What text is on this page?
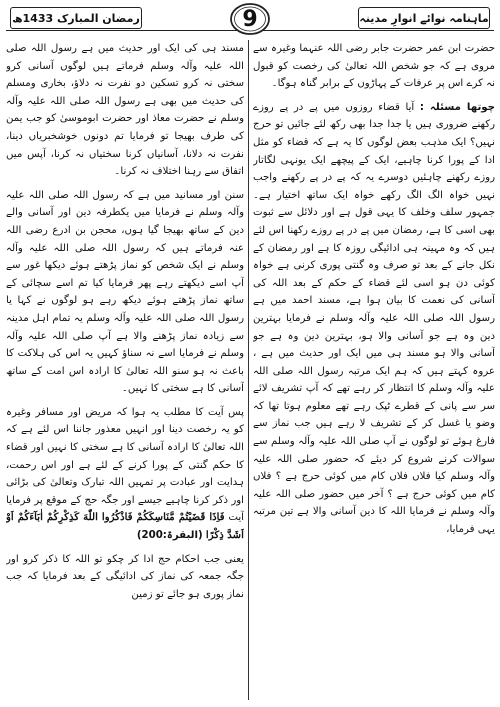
ماہنامہ نوائے انوارِ مدینہ
9
رمضان المبارک 1433ھ

حضرت ابن عمر حضرت جابر رضی اللہ عنہما وغیرہ سے مروی ہے کہ جو شخص اللہ تعالیٰ کی رخصت کو قبول نہ کرے اس پر عرفات کے پہاڑوں کے برابر گناہ ہوگا۔

چوتھا مسئلہ : آیا قضاء روزوں میں پے در پے روزے رکھنے ضروری ہیں یا جدا جدا بھی رکھ لئے جائیں تو حرج نہیں؟ ایک مذہب بعض لوگوں کا یہ ہے کہ قضاء کو مثل ادا کے پورا کرنا چاہیے، ایک کے پیچھے ایک یونہی لگاتار روزے رکھنے چاہئیں دوسرے یہ کہ پے در پے رکھنے واجب نہیں خواہ الگ الگ رکھے خواہ ایک ساتھ اختیار ہے۔ جمہور سلف وخلف کا یہی قول ہے اور دلائل سے ثبوت بھی اسی کا ہے، رمضان میں پے در پے روزے رکھنا اس لئے ہیں کہ وہ مہینہ ہی ادائیگی روزہ کا ہے اور رمضان کے نکل جانے کے بعد تو صرف وہ گنتی پوری کرنی ہے خواہ کوئی دن ہو اسی لئے قضاء کے حکم کے بعد اللہ کی آسانی کی نعمت کا بیان ہوا ہے، مسند احمد میں ہے رسول اللہ صلی اللہ علیہ وآلہ وسلم نے فرمایا بہترین دین وہ ہے جو آسانی والا ہو، بہترین دین وہ ہے جو آسانی والا ہو مسند ہی میں ایک اور حدیث میں ہے ، عروہ کہتے ہیں کہ ہم ایک مرتبہ رسول اللہ صلی اللہ علیہ وآلہ وسلم کا انتظار کر رہے تھے کہ آپ تشریف لائے سر سے پانی کے قطرے ٹپک رہے تھے معلوم ہوتا تھا کہ وضو یا غسل کر کے تشریف لا رہے ہیں جب نماز سے فارغ ہوئے تو لوگوں نے آپ صلی اللہ علیہ وآلہ وسلم سے سوالات کرنے شروع کر دیئے کہ حضور صلی اللہ علیہ وآلہ وسلم کیا فلاں فلاں کام میں کوئی حرج ہے ؟ فلاں کام میں کوئی حرج ہے ؟ آخر میں حضور صلی اللہ علیہ وآلہ وسلم نے فرمایا اللہ کا دین آسانی والا ہے تین مرتبہ یہی فرمایا،

مسند ہی کی ایک اور حدیث میں ہے رسول اللہ صلی اللہ علیہ وآلہ وسلم فرماتے ہیں لوگوں آسانی کرو سختی نہ کرو تسکین دو نفرت نہ دلاؤ، بخاری ومسلم کی حدیث میں بھی ہے رسول اللہ صلی اللہ علیہ وآلہ وسلم نے حضرت معاذ اور حضرت ابوموسیٰ کو جب یمن کی طرف بھیجا تو فرمایا تم دونوں خوشخبریاں دینا، نفرت نہ دلانا، آسانیاں کرنا سختیاں نہ کرنا، آپس میں اتفاق سے رہنا اختلاف نہ کرنا۔

سنن اور مسانید میں ہے کہ رسول اللہ صلی اللہ علیہ وآلہ وسلم نے فرمایا میں یکطرفہ دین اور آسانی والے دین کے ساتھ بھیجا گیا ہوں، محجن بن ادرع رضی اللہ عنہ فرماتے ہیں کہ رسول اللہ صلی اللہ علیہ وآلہ وسلم نے ایک شخص کو نماز پڑھتے ہوئے دیکھا غور سے آپ اسے دیکھتے رہے پھر فرمایا کیا تم اسے سچائی کے ساتھ نماز پڑھتے ہوئے دیکھ رہے ہو لوگوں نے کہا یا رسول اللہ صلی اللہ علیہ وآلہ وسلم یہ تمام اہل مدینہ سے زیادہ نماز پڑھنے والا ہے آپ صلی اللہ علیہ وآلہ وسلم نے فرمایا اسے نہ سناؤ کہیں یہ اس کی ہلاکت کا باعث نہ ہو سنو اللہ تعالیٰ کا ارادہ اس امت کے ساتھ آسانی کا ہے سختی کا نہیں۔

پس آیت کا مطلب یہ ہوا کہ مریض اور مسافر وغیرہ کو یہ رخصت دینا اور انہیں معذور جاننا اس لئے ہے کہ اللہ تعالیٰ کا ارادہ آسانی کا ہے سختی کا نہیں اور قضاء کا حکم گنتی کے پورا کرنے کے لئے ہے اور اس رحمت، ہدایت اور عبادت پر تمہیں اللہ تبارک وتعالیٰ کی بڑائی اور ذکر کرنا چاہیے جیسے اور جگہ حج کے موقع پر فرمایا آیت فَاِذَا قَضَیْتُمْ مَّنَاسِکَکُمْ فَاذْکُرُوا اللّٰهَ کَذِکْرِکُمْ اٰبَآءَکُمْ اَوْ اَشَدَّ ذِکْرًا (البقرۃ:200)

یعنی جب احکام حج ادا کر چکو تو اللہ کا ذکر کرو اور جگہ جمعہ کی نماز کی ادائیگی کے بعد فرمایا کہ جب نماز پوری ہو جائے تو زمین
